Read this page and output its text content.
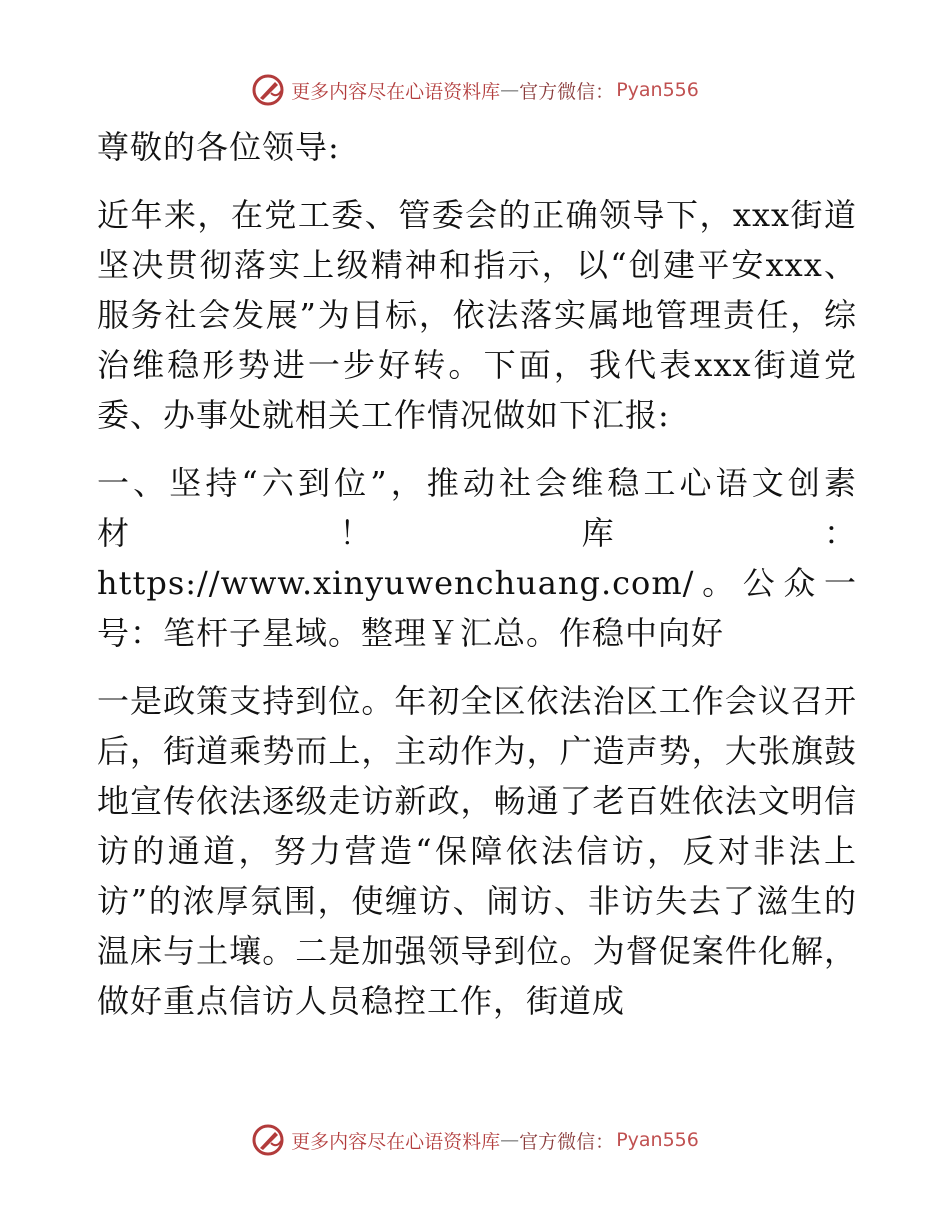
更多内容尽在心语资料库 — 官方微信： Pyan556

尊敬的各位领导:

近年来，在党工委、管委会的正确领导下，xxx街道坚决贯彻落实上级精神和指示，以“创建平安xxx、服务社会发展”为目标，依法落实属地管理责任，综治维稳形势进一步好转。下面，我代表xxx街道党委、办事处就相关工作情况做如下汇报:

一、坚持“六到位”，推动社会维稳工心语文创素材！库：https://www.xinyuwenchuang.com/。公众一号：笔杆子星域。整理￥汇总。作稳中向好

一是政策支持到位。年初全区依法治区工作会议召开后，街道乘势而上，主动作为，广造声势，大张旗鼓地宣传依法逐级走访新政，畅通了老百姓依法文明信访的通道，努力营造“保障依法信访，反对非法上访”的浓厚氛围，使缠访、闹访、非访失去了滋生的温床与土壤。二是加强领导到位。为督促案件化解，做好重点信访人员稳控工作，街道成

更多内容尽在心语资料库 — 官方微信： Pyan556
